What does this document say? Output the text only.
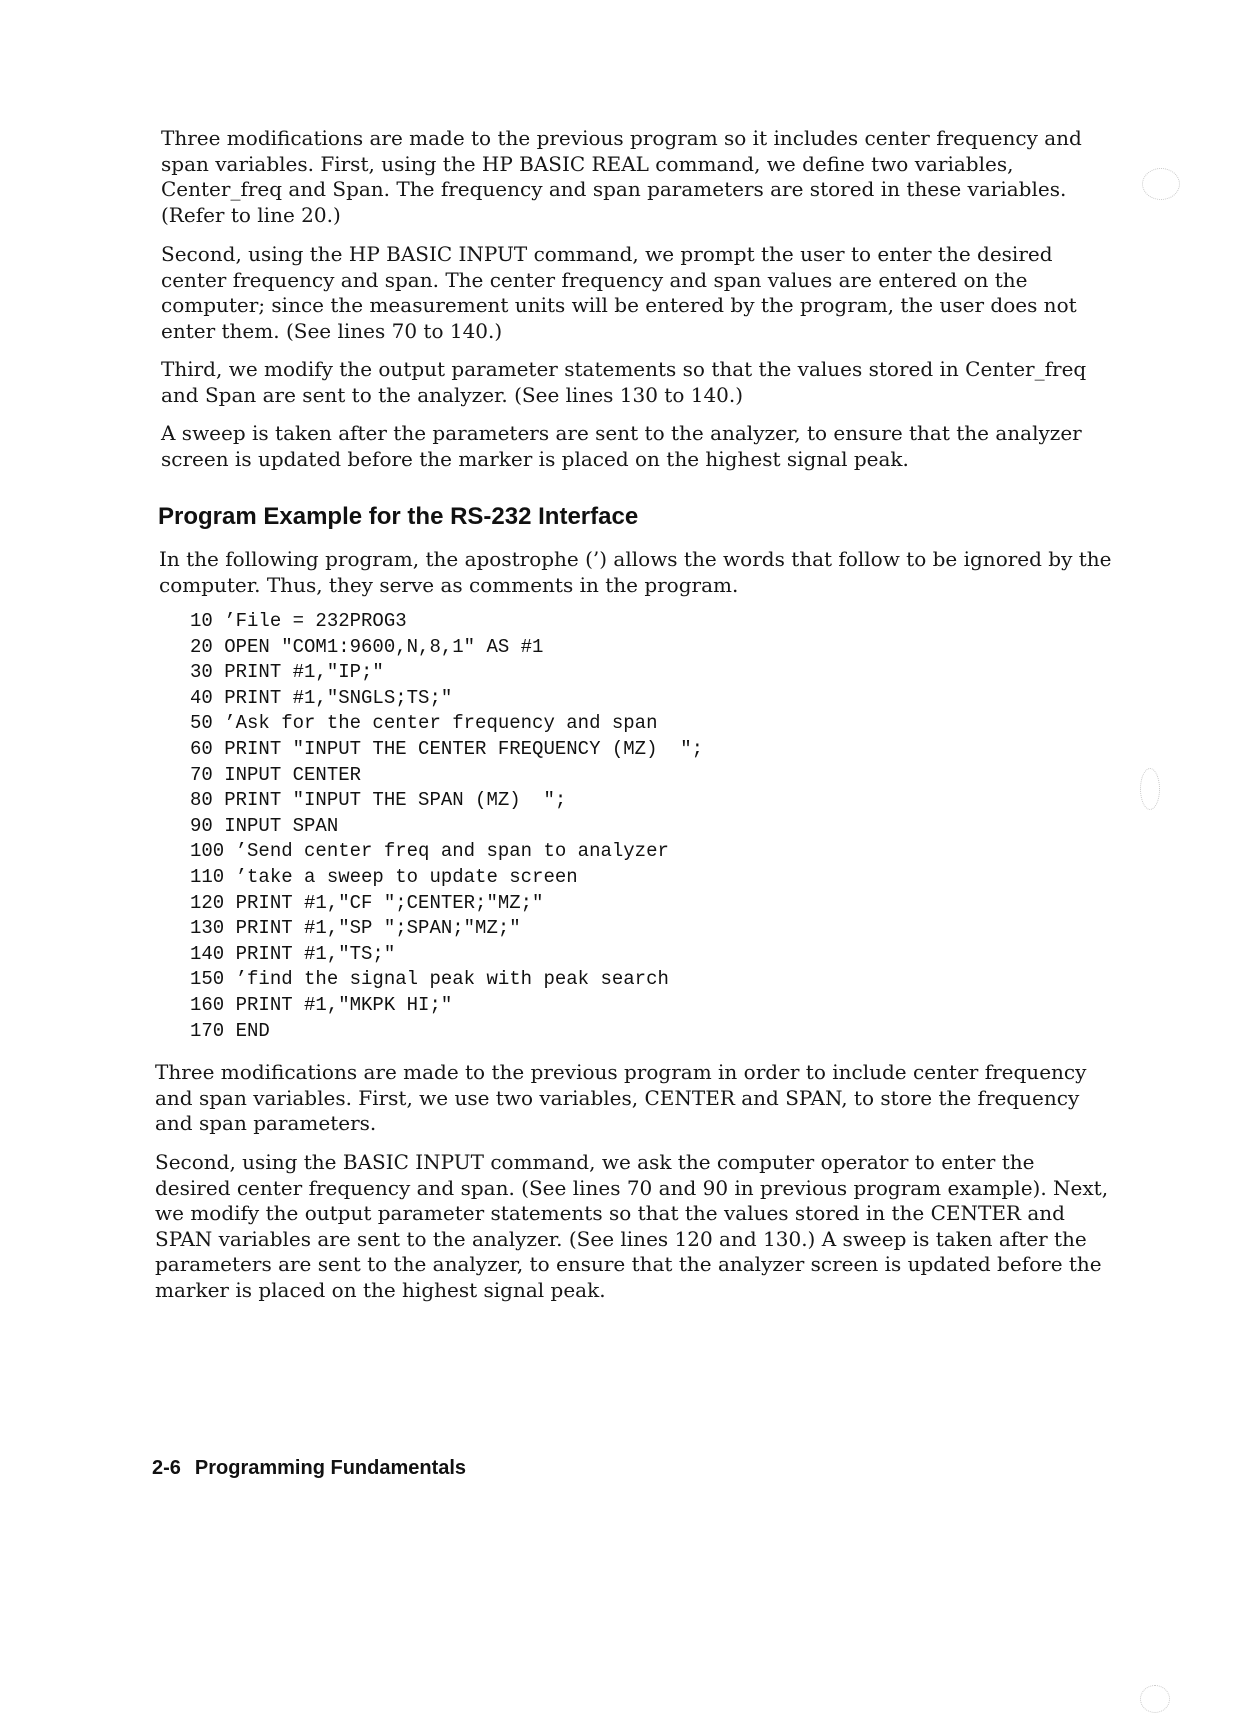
Three modifications are made to the previous program so it includes center frequency and
span variables. First, using the HP BASIC REAL command, we define two variables,
Center_freq and Span. The frequency and span parameters are stored in these variables.
(Refer to line 20.)
Second, using the HP BASIC INPUT command, we prompt the user to enter the desired
center frequency and span. The center frequency and span values are entered on the
computer; since the measurement units will be entered by the program, the user does not
enter them. (See lines 70 to 140.)
Third, we modify the output parameter statements so that the values stored in Center_freq
and Span are sent to the analyzer. (See lines 130 to 140.)
A sweep is taken after the parameters are sent to the analyzer, to ensure that the analyzer
screen is updated before the marker is placed on the highest signal peak.
Program Example for the RS-232 Interface
In the following program, the apostrophe (’) allows the words that follow to be ignored by the
computer. Thus, they serve as comments in the program.
10 ’File = 232PROG3
20 OPEN "COM1:9600,N,8,1" AS #1
30 PRINT #1,"IP;"
40 PRINT #1,"SNGLS;TS;"
50 ’Ask for the center frequency and span
60 PRINT "INPUT THE CENTER FREQUENCY (MZ)  ";
70 INPUT CENTER
80 PRINT "INPUT THE SPAN (MZ)  ";
90 INPUT SPAN
100 ’Send center freq and span to analyzer
110 ’take a sweep to update screen
120 PRINT #1,"CF ";CENTER;"MZ;"
130 PRINT #1,"SP ";SPAN;"MZ;"
140 PRINT #1,"TS;"
150 ’find the signal peak with peak search
160 PRINT #1,"MKPK HI;"
170 END
Three modifications are made to the previous program in order to include center frequency
and span variables. First, we use two variables, CENTER and SPAN, to store the frequency
and span parameters.
Second, using the BASIC INPUT command, we ask the computer operator to enter the
desired center frequency and span. (See lines 70 and 90 in previous program example). Next,
we modify the output parameter statements so that the values stored in the CENTER and
SPAN variables are sent to the analyzer. (See lines 120 and 130.) A sweep is taken after the
parameters are sent to the analyzer, to ensure that the analyzer screen is updated before the
marker is placed on the highest signal peak.
2-6 Programming Fundamentals
